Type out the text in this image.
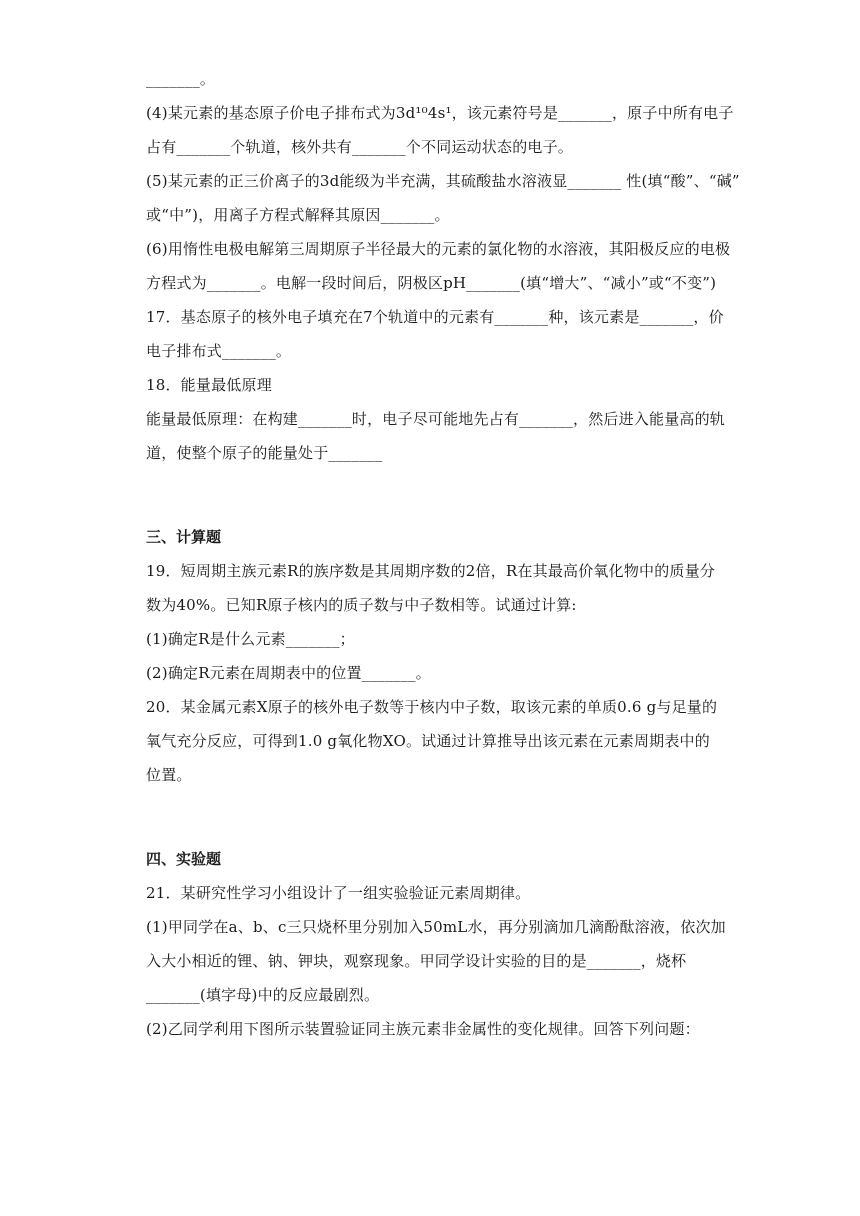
_______。
(4)某元素的基态原子价电子排布式为3d¹⁰4s¹，该元素符号是_______，原子中所有电子
占有_______个轨道，核外共有_______个不同运动状态的电子。
(5)某元素的正三价离子的3d能级为半充满，其硫酸盐水溶液显_______ 性(填“酸”、“碱”
或“中”)，用离子方程式解释其原因_______。
(6)用惰性电极电解第三周期原子半径最大的元素的氯化物的水溶液，其阳极反应的电极
方程式为_______。电解一段时间后，阴极区pH_______(填“增大”、“减小”或“不变”)
17．基态原子的核外电子填充在7个轨道中的元素有_______种，该元素是_______，价
电子排布式_______。
18．能量最低原理
能量最低原理：在构建_______时，电子尽可能地先占有_______，然后进入能量高的轨
道，使整个原子的能量处于_______
三、计算题
19．短周期主族元素R的族序数是其周期序数的2倍，R在其最高价氧化物中的质量分
数为40%。已知R原子核内的质子数与中子数相等。试通过计算:
(1)确定R是什么元素_______；
(2)确定R元素在周期表中的位置_______。
20．某金属元素X原子的核外电子数等于核内中子数，取该元素的单质0.6 g与足量的
氧气充分反应，可得到1.0 g氧化物XO。试通过计算推导出该元素在元素周期表中的
位置。
四、实验题
21．某研究性学习小组设计了一组实验验证元素周期律。
(1)甲同学在a、b、c三只烧杯里分别加入50mL水，再分别滴加几滴酚酞溶液，依次加
入大小相近的锂、钠、钾块，观察现象。甲同学设计实验的目的是_______，烧杯
_______(填字母)中的反应最剧烈。
(2)乙同学利用下图所示装置验证同主族元素非金属性的变化规律。回答下列问题：
